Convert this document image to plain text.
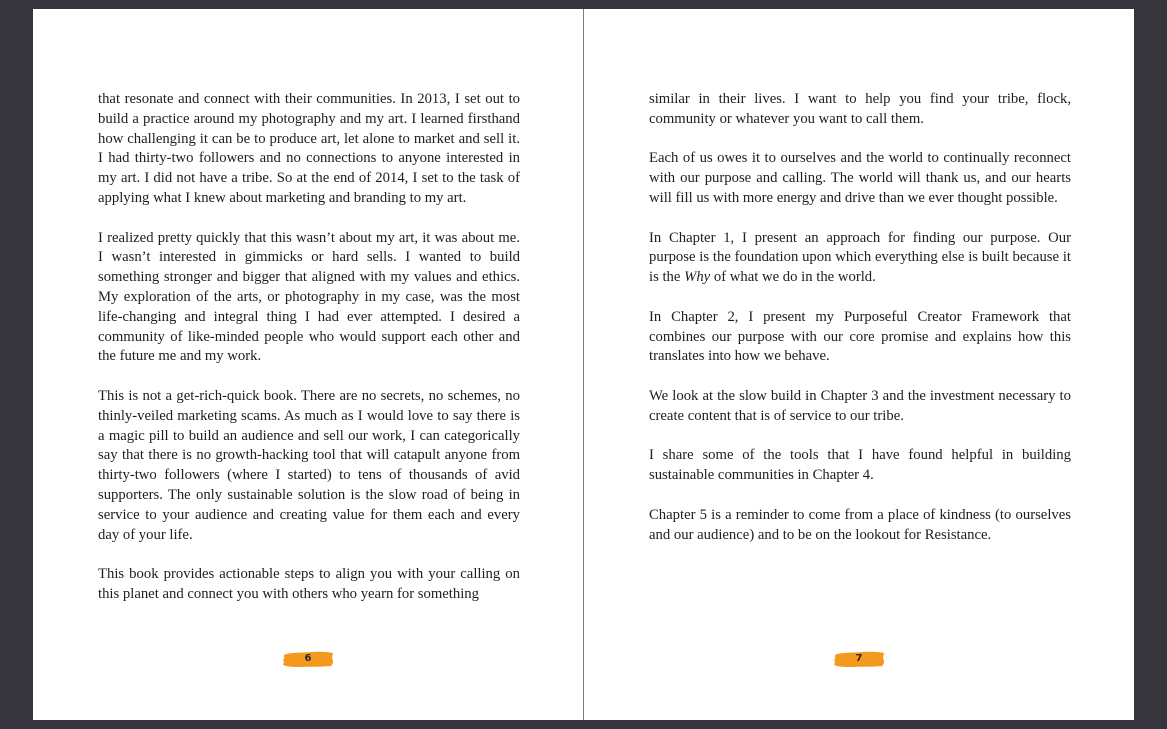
that resonate and connect with their communities. In 2013, I set out to build a practice around my photography and my art. I learned firsthand how challenging it can be to produce art, let alone to market and sell it. I had thirty-two followers and no connections to anyone interested in my art. I did not have a tribe. So at the end of 2014, I set to the task of applying what I knew about marketing and branding to my art.

I realized pretty quickly that this wasn’t about my art, it was about me. I wasn’t interested in gimmicks or hard sells. I wanted to build something stronger and bigger that aligned with my values and ethics. My exploration of the arts, or photography in my case, was the most life-changing and integral thing I had ever attempted. I desired a community of like-minded people who would support each other and the future me and my work.

This is not a get-rich-quick book. There are no secrets, no schemes, no thinly-veiled marketing scams. As much as I would love to say there is a magic pill to build an audience and sell our work, I can categorically say that there is no growth-hacking tool that will catapult anyone from thirty-two followers (where I started) to tens of thousands of avid supporters. The only sustainable solution is the slow road of being in service to your audience and creating value for them each and every day of your life.

This book provides actionable steps to align you with your calling on this planet and connect you with others who yearn for something

6

similar in their lives. I want to help you find your tribe, flock, community or whatever you want to call them.

Each of us owes it to ourselves and the world to continually reconnect with our purpose and calling. The world will thank us, and our hearts will fill us with more energy and drive than we ever thought possible.

In Chapter 1, I present an approach for finding our purpose. Our purpose is the foundation upon which everything else is built because it is the Why of what we do in the world.

In Chapter 2, I present my Purposeful Creator Framework that combines our purpose with our core promise and explains how this translates into how we behave.

We look at the slow build in Chapter 3 and the investment necessary to create content that is of service to our tribe.

I share some of the tools that I have found helpful in building sustainable communities in Chapter 4.

Chapter 5 is a reminder to come from a place of kindness (to ourselves and our audience) and to be on the lookout for Resistance.

7
